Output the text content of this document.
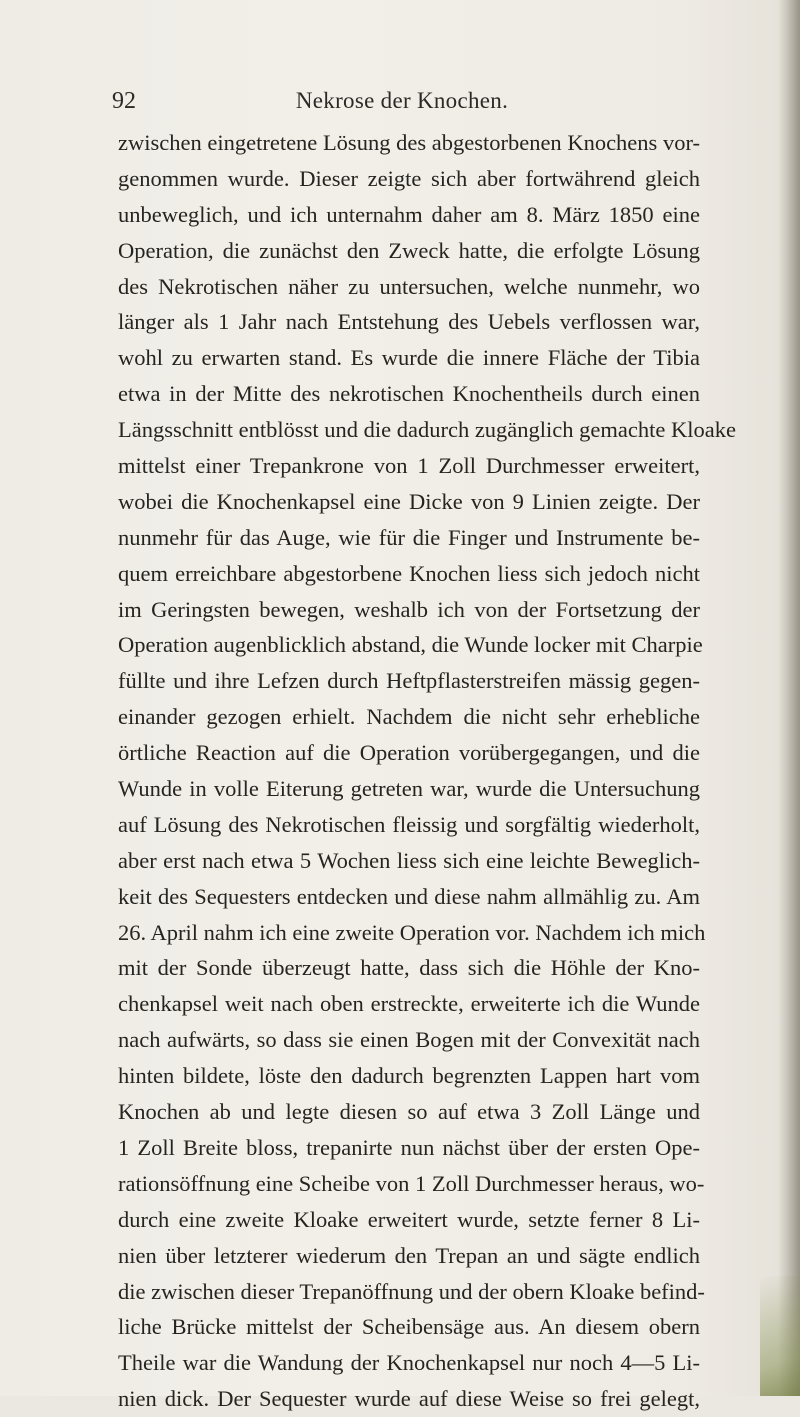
92	Nekrose der Knochen.
zwischen eingetretene Lösung des abgestorbenen Knochens vor-
genommen wurde. Dieser zeigte sich aber fortwährend gleich
unbeweglich, und ich unternahm daher am 8. März 1850 eine
Operation, die zunächst den Zweck hatte, die erfolgte Lösung
des Nekrotischen näher zu untersuchen, welche nunmehr, wo
länger als 1 Jahr nach Entstehung des Uebels verflossen war,
wohl zu erwarten stand. Es wurde die innere Fläche der Tibia
etwa in der Mitte des nekrotischen Knochentheils durch einen
Längsschnitt entblösst und die dadurch zugänglich gemachte Kloake
mittelst einer Trepankrone von 1 Zoll Durchmesser erweitert,
wobei die Knochenkapsel eine Dicke von 9 Linien zeigte. Der
nunmehr für das Auge, wie für die Finger und Instrumente be-
quem erreichbare abgestorbene Knochen liess sich jedoch nicht
im Geringsten bewegen, weshalb ich von der Fortsetzung der
Operation augenblicklich abstand, die Wunde locker mit Charpie
füllte und ihre Lefzen durch Heftpflasterstreifen mässig gegen-
einander gezogen erhielt. Nachdem die nicht sehr erhebliche
örtliche Reaction auf die Operation vorübergegangen, und die
Wunde in volle Eiterung getreten war, wurde die Untersuchung
auf Lösung des Nekrotischen fleissig und sorgfältig wiederholt,
aber erst nach etwa 5 Wochen liess sich eine leichte Beweglich-
keit des Sequesters entdecken und diese nahm allmählig zu. Am
26. April nahm ich eine zweite Operation vor. Nachdem ich mich
mit der Sonde überzeugt hatte, dass sich die Höhle der Kno-
chenkapsel weit nach oben erstreckte, erweiterte ich die Wunde
nach aufwärts, so dass sie einen Bogen mit der Convexität nach
hinten bildete, löste den dadurch begrenzten Lappen hart vom
Knochen ab und legte diesen so auf etwa 3 Zoll Länge und
1 Zoll Breite bloss, trepanirte nun nächst über der ersten Ope-
rationsöffnung eine Scheibe von 1 Zoll Durchmesser heraus, wo-
durch eine zweite Kloake erweitert wurde, setzte ferner 8 Li-
nien über letzterer wiederum den Trepan an und sägte endlich
die zwischen dieser Trepanöffnung und der obern Kloake befind-
liche Brücke mittelst der Scheibensäge aus. An diesem obern
Theile war die Wandung der Knochenkapsel nur noch 4—5 Li-
nien dick. Der Sequester wurde auf diese Weise so frei gelegt,
